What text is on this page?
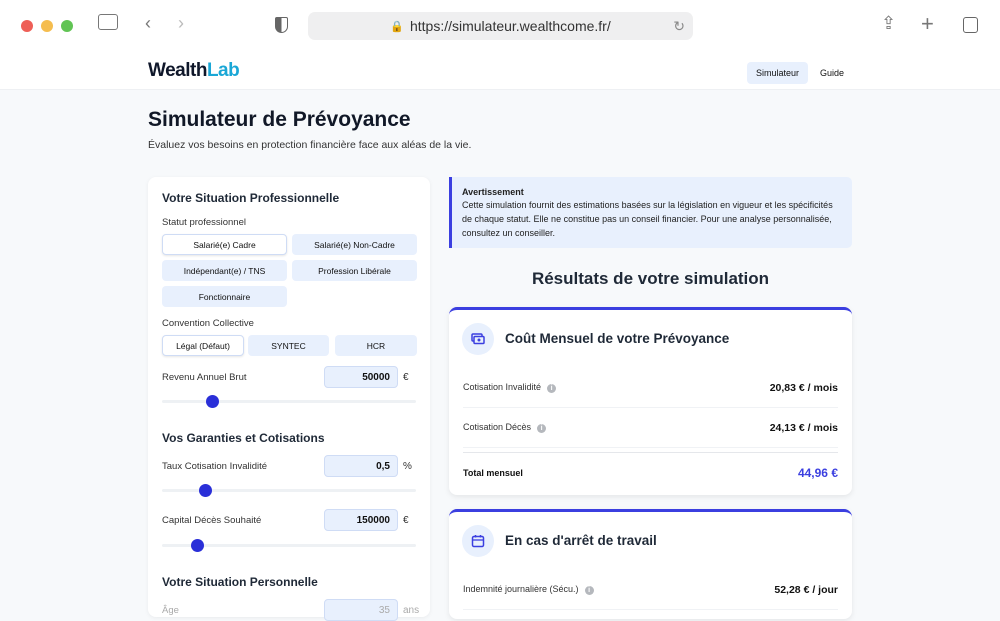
‹ ›	🔒 https://simulateur.wealthcome.fr/	↻	⇪ +
WealthLab	Simulateur	Guide
Simulateur de Prévoyance
Évaluez vos besoins en protection financière face aux aléas de la vie.
Votre Situation Professionnelle
Statut professionnel
Salarié(e) Cadre	Salarié(e) Non-Cadre
Indépendant(e) / TNS	Profession Libérale
Fonctionnaire
Convention Collective
Légal (Défaut)	SYNTEC	HCR
Revenu Annuel Brut	50000	€
Vos Garanties et Cotisations
Taux Cotisation Invalidité	0,5	%
Capital Décès Souhaité	150000	€
Votre Situation Personnelle
Âge	35	ans
Avertissement
Cette simulation fournit des estimations basées sur la législation en vigueur et les spécificités de chaque statut. Elle ne constitue pas un conseil financier. Pour une analyse personnalisée, consultez un conseiller.
Résultats de votre simulation
Coût Mensuel de votre Prévoyance
Cotisation Invalidité i	20,83 € / mois
Cotisation Décès i	24,13 € / mois
Total mensuel	44,96 €
En cas d'arrêt de travail
Indemnité journalière (Sécu.) i	52,28 € / jour
